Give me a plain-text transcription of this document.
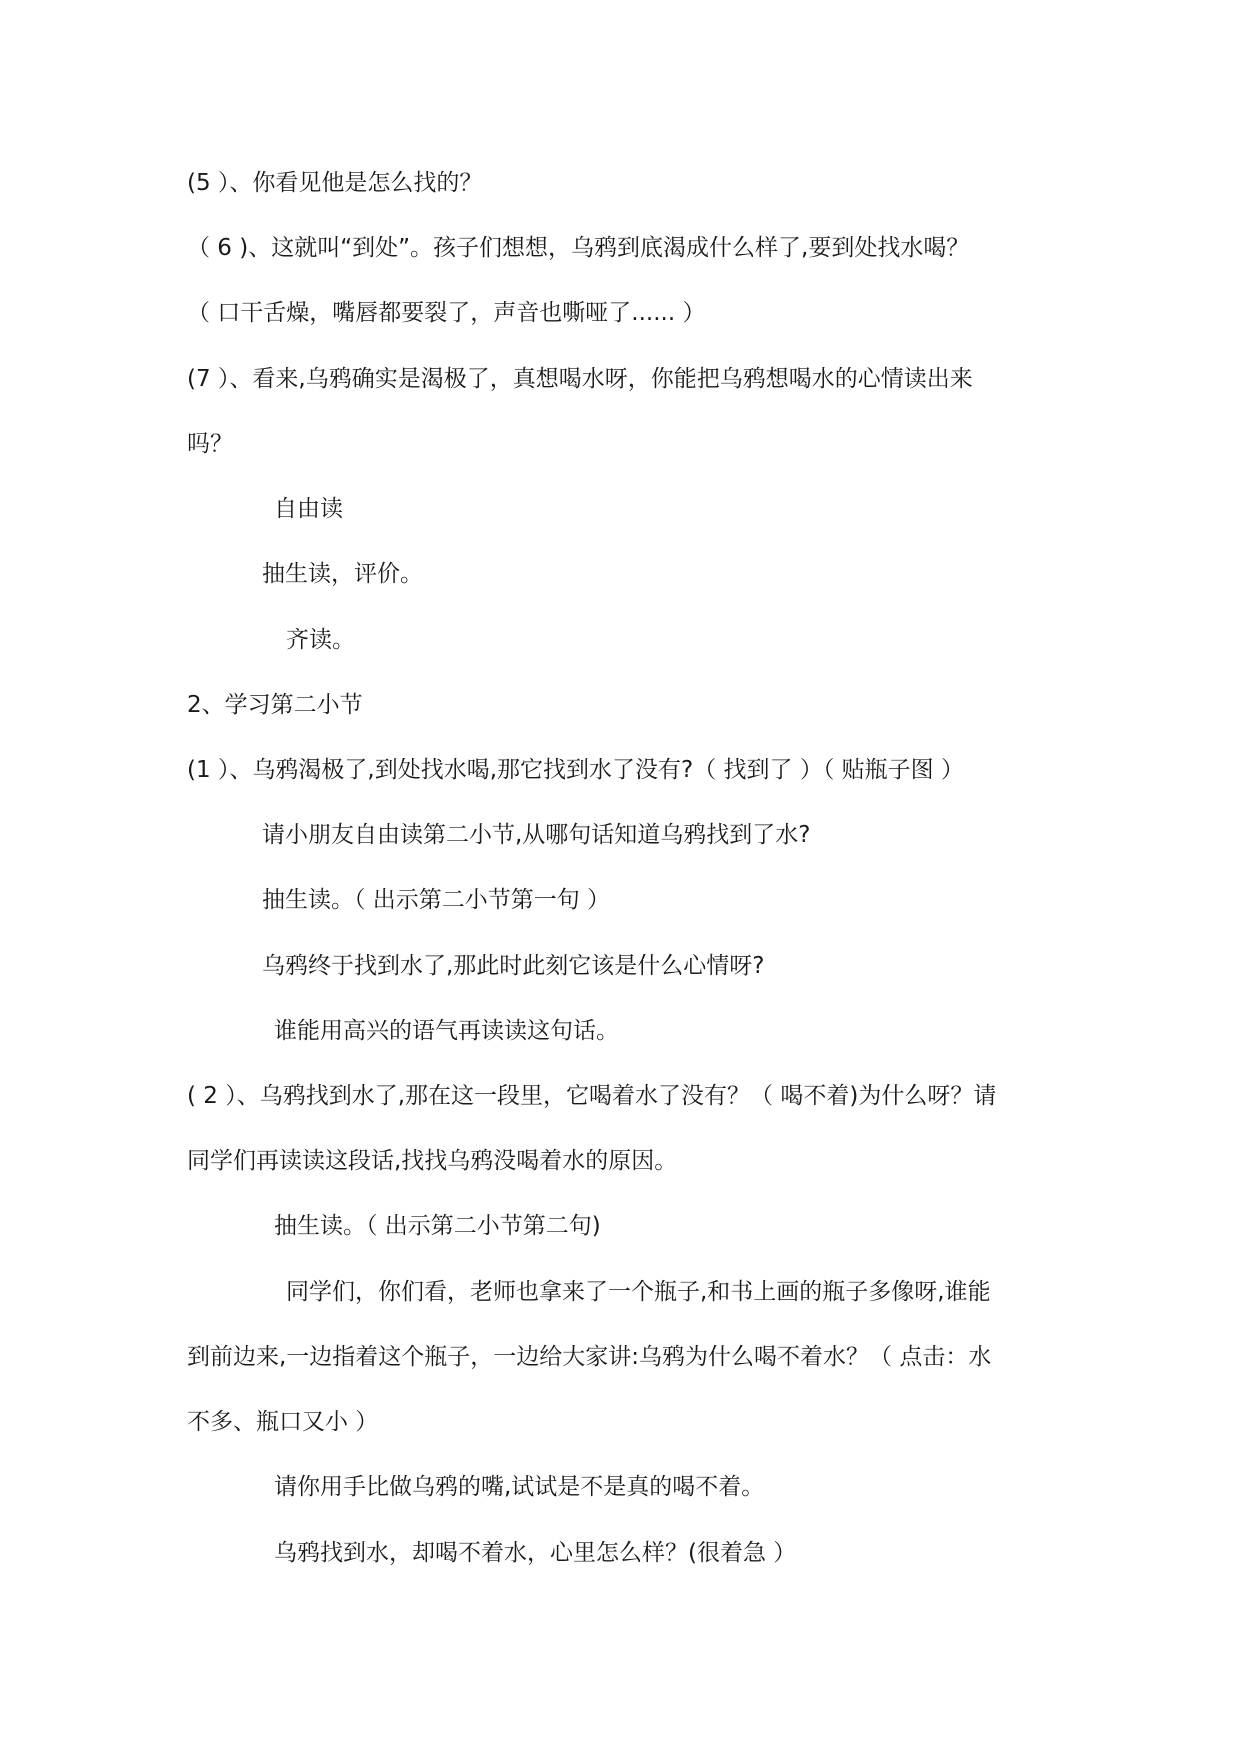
(5 ）、你看见他是怎么找的？

（ 6 )、这就叫“到处”。孩子们想想，乌鸦到底渴成什么样了,要到处找水喝？

（ 口干舌燥，嘴唇都要裂了，声音也嘶哑了...... ）

(7 ）、看来,乌鸦确实是渴极了，真想喝水呀，你能把乌鸦想喝水的心情读出来

吗？

自由读

抽生读，评价。

齐读。

2、学习第二小节

(1 ）、乌鸦渴极了,到处找水喝,那它找到水了没有?（ 找到了 ）（ 贴瓶子图 ）

请小朋友自由读第二小节,从哪句话知道乌鸦找到了水?

抽生读。（ 出示第二小节第一句 ）

乌鸦终于找到水了,那此时此刻它该是什么心情呀?

谁能用高兴的语气再读读这句话。

( 2 ）、乌鸦找到水了,那在这一段里，它喝着水了没有？（ 喝不着)为什么呀？请

同学们再读读这段话,找找乌鸦没喝着水的原因。

抽生读。（ 出示第二小节第二句)

同学们，你们看，老师也拿来了一个瓶子,和书上画的瓶子多像呀,谁能

到前边来,一边指着这个瓶子，一边给大家讲:乌鸦为什么喝不着水？（ 点击：水

不多、瓶口又小 ）

请你用手比做乌鸦的嘴,试试是不是真的喝不着。

乌鸦找到水，却喝不着水，心里怎么样？(很着急 ）
